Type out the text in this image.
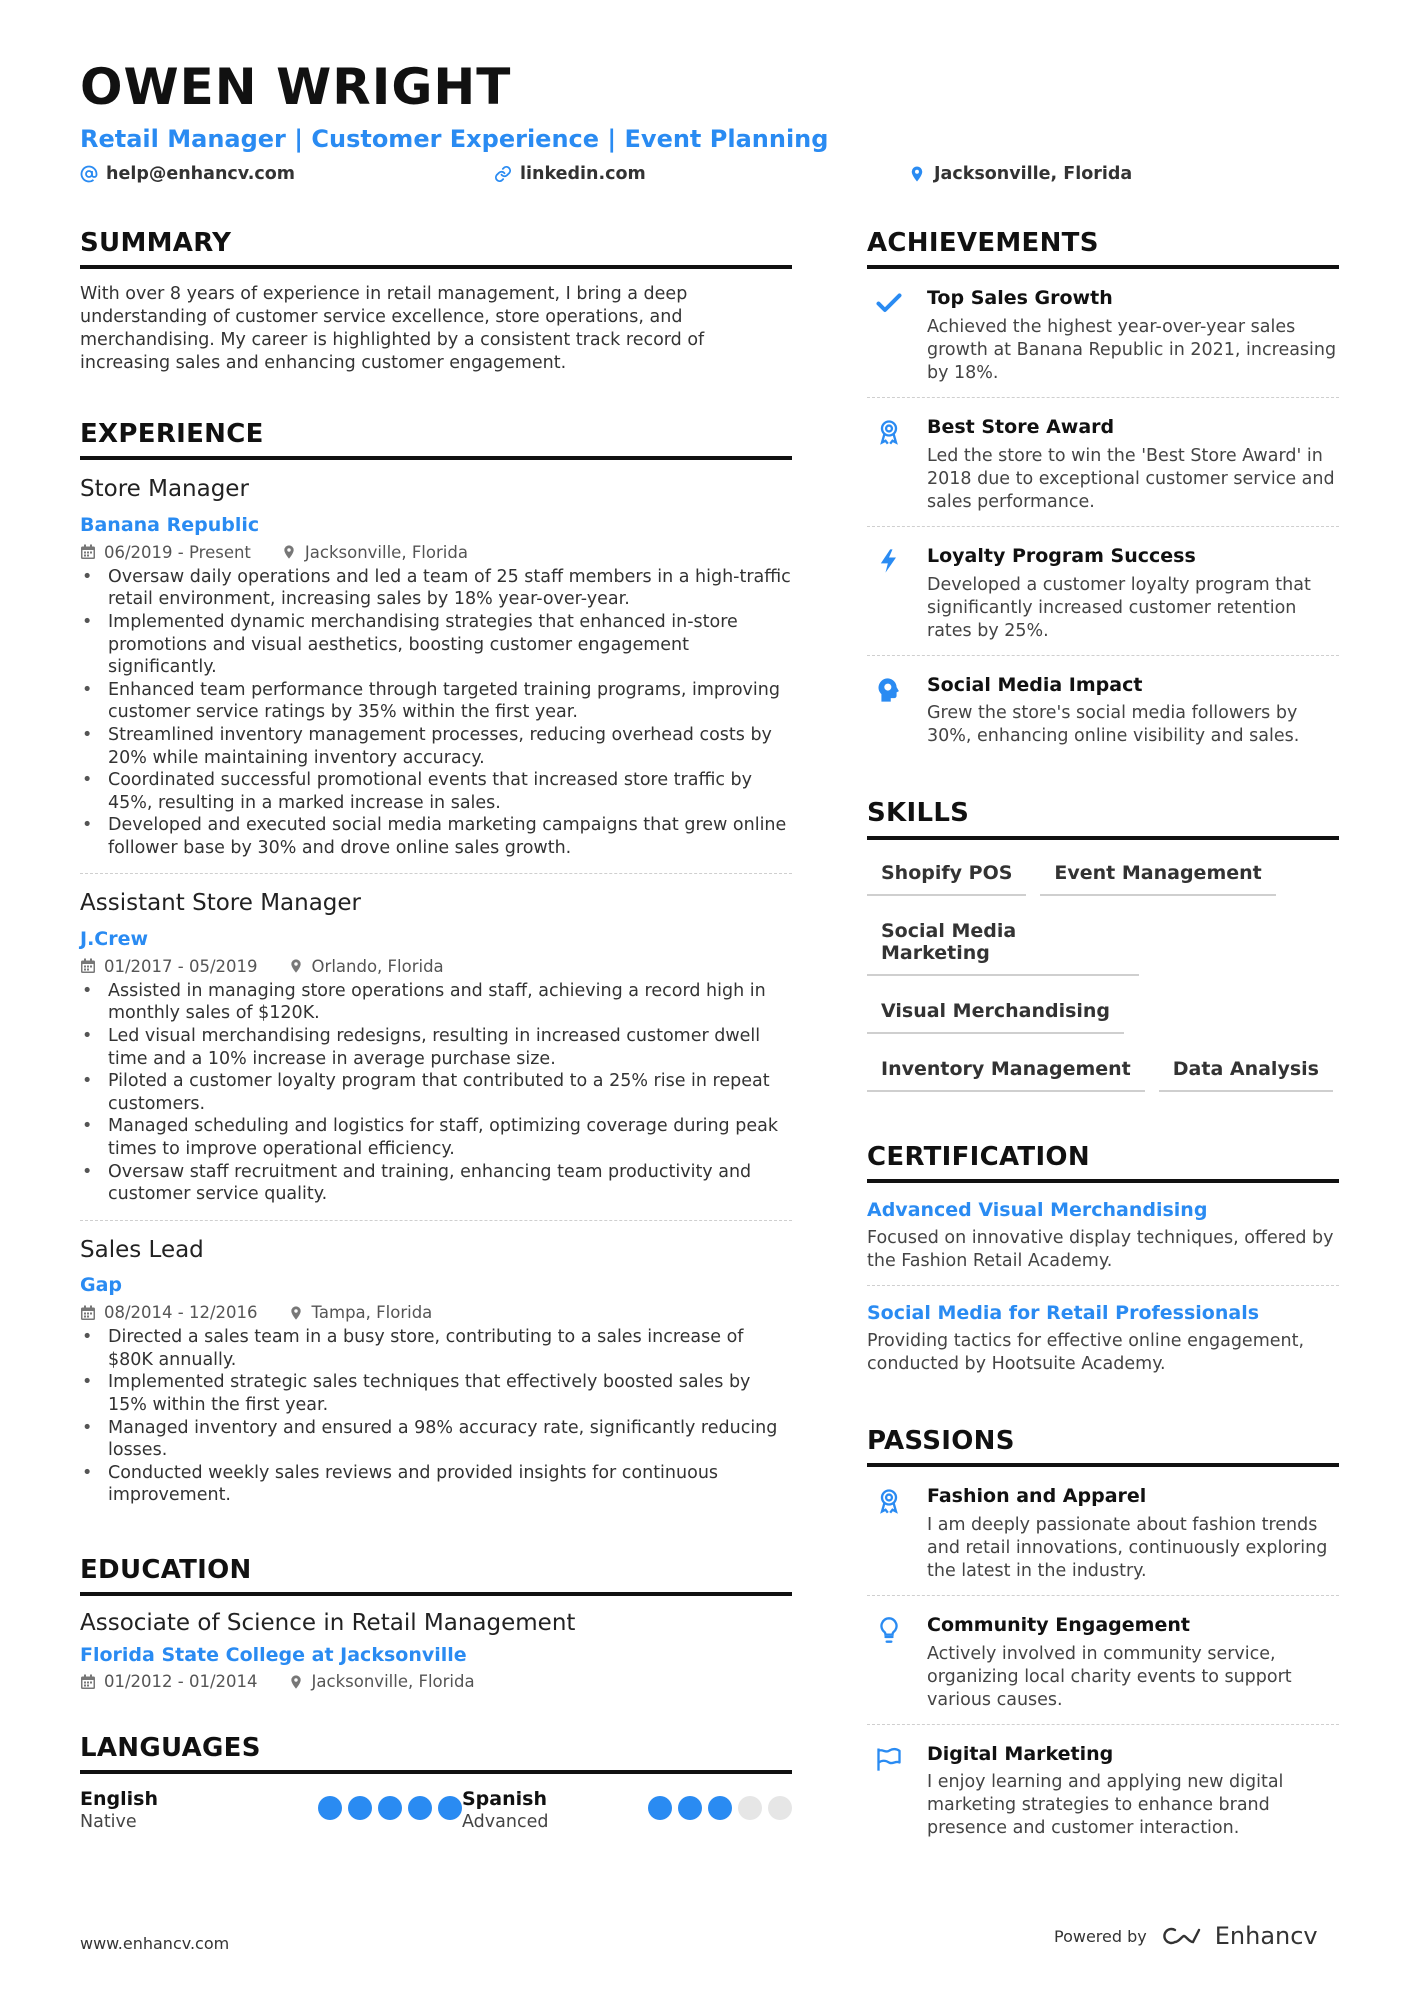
OWEN WRIGHT
Retail Manager | Customer Experience | Event Planning
help@enhancv.com	linkedin.com	Jacksonville, Florida
SUMMARY
With over 8 years of experience in retail management, I bring a deep understanding of customer service excellence, store operations, and merchandising. My career is highlighted by a consistent track record of increasing sales and enhancing customer engagement.
EXPERIENCE
Store Manager
Banana Republic
06/2019 - Present	Jacksonville, Florida
• Oversaw daily operations and led a team of 25 staff members in a high-traffic retail environment, increasing sales by 18% year-over-year.
• Implemented dynamic merchandising strategies that enhanced in-store promotions and visual aesthetics, boosting customer engagement significantly.
• Enhanced team performance through targeted training programs, improving customer service ratings by 35% within the first year.
• Streamlined inventory management processes, reducing overhead costs by 20% while maintaining inventory accuracy.
• Coordinated successful promotional events that increased store traffic by 45%, resulting in a marked increase in sales.
• Developed and executed social media marketing campaigns that grew online follower base by 30% and drove online sales growth.
Assistant Store Manager
J.Crew
01/2017 - 05/2019	Orlando, Florida
• Assisted in managing store operations and staff, achieving a record high in monthly sales of $120K.
• Led visual merchandising redesigns, resulting in increased customer dwell time and a 10% increase in average purchase size.
• Piloted a customer loyalty program that contributed to a 25% rise in repeat customers.
• Managed scheduling and logistics for staff, optimizing coverage during peak times to improve operational efficiency.
• Oversaw staff recruitment and training, enhancing team productivity and customer service quality.
Sales Lead
Gap
08/2014 - 12/2016	Tampa, Florida
• Directed a sales team in a busy store, contributing to a sales increase of $80K annually.
• Implemented strategic sales techniques that effectively boosted sales by 15% within the first year.
• Managed inventory and ensured a 98% accuracy rate, significantly reducing losses.
• Conducted weekly sales reviews and provided insights for continuous improvement.
EDUCATION
Associate of Science in Retail Management
Florida State College at Jacksonville
01/2012 - 01/2014	Jacksonville, Florida
LANGUAGES
English
Native
Spanish
Advanced
ACHIEVEMENTS
Top Sales Growth
Achieved the highest year-over-year sales growth at Banana Republic in 2021, increasing by 18%.
Best Store Award
Led the store to win the 'Best Store Award' in 2018 due to exceptional customer service and sales performance.
Loyalty Program Success
Developed a customer loyalty program that significantly increased customer retention rates by 25%.
Social Media Impact
Grew the store's social media followers by 30%, enhancing online visibility and sales.
SKILLS
Shopify POS	Event Management
Social Media Marketing
Visual Merchandising
Inventory Management	Data Analysis
CERTIFICATION
Advanced Visual Merchandising
Focused on innovative display techniques, offered by the Fashion Retail Academy.
Social Media for Retail Professionals
Providing tactics for effective online engagement, conducted by Hootsuite Academy.
PASSIONS
Fashion and Apparel
I am deeply passionate about fashion trends and retail innovations, continuously exploring the latest in the industry.
Community Engagement
Actively involved in community service, organizing local charity events to support various causes.
Digital Marketing
I enjoy learning and applying new digital marketing strategies to enhance brand presence and customer interaction.
www.enhancv.com	Powered by	Enhancv
